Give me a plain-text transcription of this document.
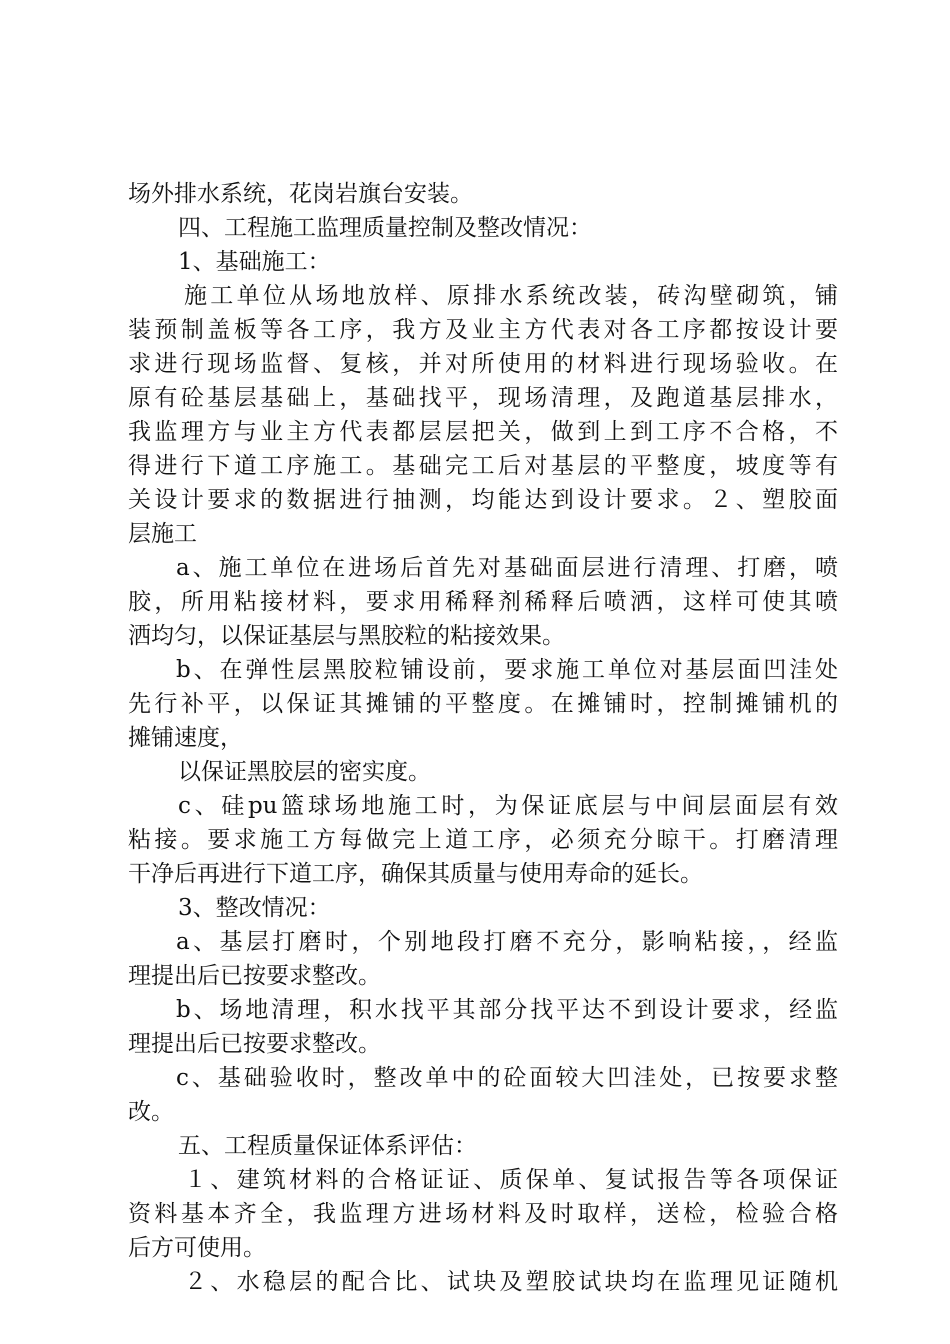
场外排水系统，花岗岩旗台安装。
四、工程施工监理质量控制及整改情况：
1、基础施工：
施工单位从场地放样、原排水系统改装，砖沟壁砌筑，铺
装预制盖板等各工序，我方及业主方代表对各工序都按设计要
求进行现场监督、复核，并对所使用的材料进行现场验收。在
原有砼基层基础上，基础找平，现场清理，及跑道基层排水，
我监理方与业主方代表都层层把关，做到上到工序不合格，不
得进行下道工序施工。基础完工后对基层的平整度，坡度等有
关设计要求的数据进行抽测，均能达到设计要求。２、塑胶面
层施工
a、施工单位在进场后首先对基础面层进行清理、打磨，喷
胶，所用粘接材料，要求用稀释剂稀释后喷洒，这样可使其喷
洒均匀，以保证基层与黑胶粒的粘接效果。
b、在弹性层黑胶粒铺设前，要求施工单位对基层面凹洼处
先行补平，以保证其摊铺的平整度。在摊铺时，控制摊铺机的
摊铺速度，
以保证黑胶层的密实度。
c、硅pu篮球场地施工时，为保证底层与中间层面层有效
粘接。要求施工方每做完上道工序，必须充分晾干。打磨清理
干净后再进行下道工序，确保其质量与使用寿命的延长。
3、整改情况：
a、基层打磨时，个别地段打磨不充分，影响粘接，，经监
理提出后已按要求整改。
b、场地清理，积水找平其部分找平达不到设计要求，经监
理提出后已按要求整改。
c、基础验收时，整改单中的砼面较大凹洼处，已按要求整
改。
五、工程质量保证体系评估：
１、建筑材料的合格证证、质保单、复试报告等各项保证
资料基本齐全，我监理方进场材料及时取样，送检，检验合格
后方可使用。
２、水稳层的配合比、试块及塑胶试块均在监理见证随机
